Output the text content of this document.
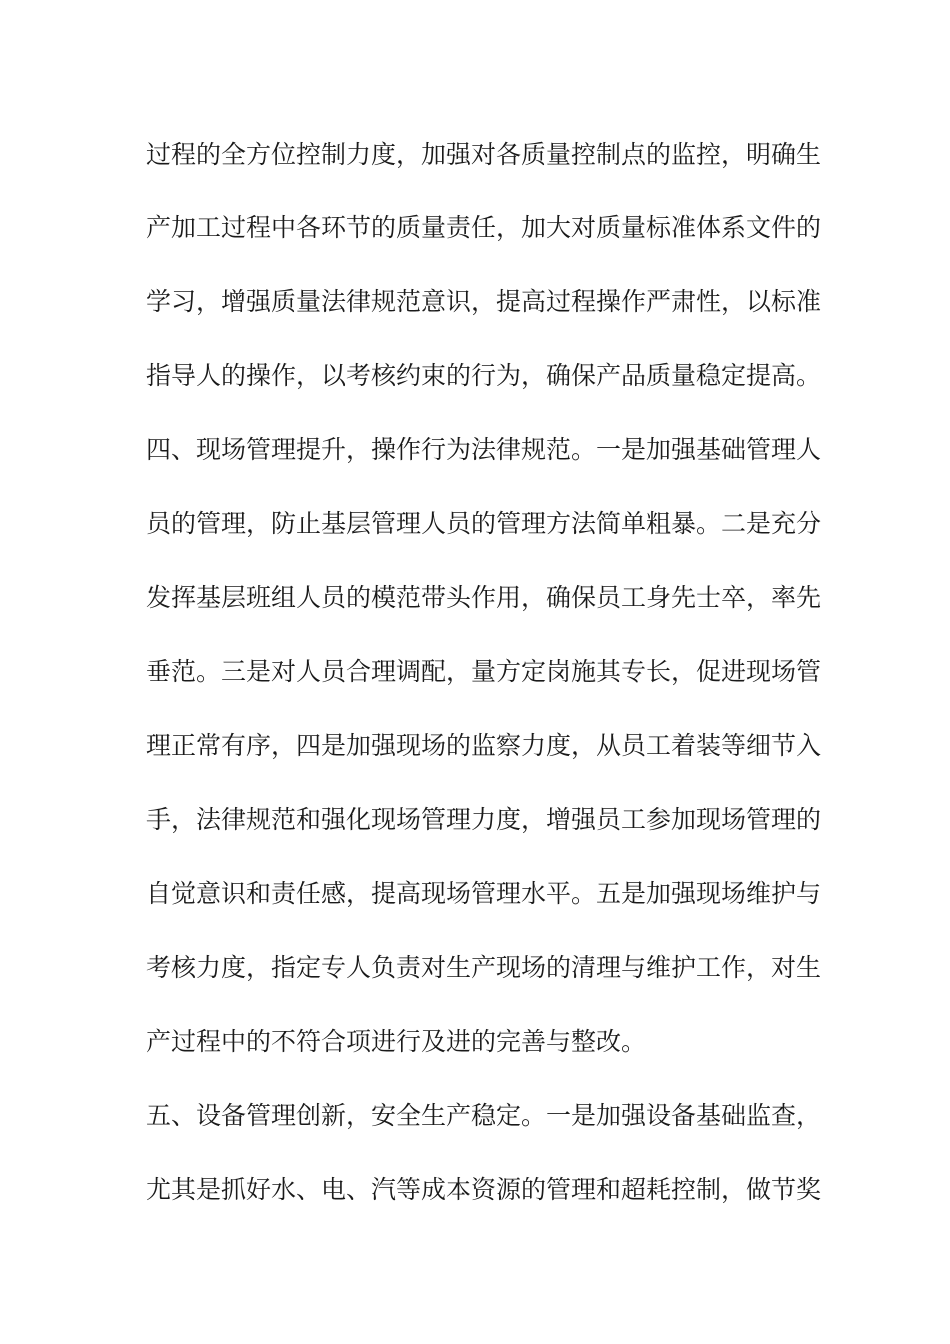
过程的全方位控制力度，加强对各质量控制点的监控，明确生
产加工过程中各环节的质量责任，加大对质量标准体系文件的
学习，增强质量法律规范意识，提高过程操作严肃性，以标准
指导人的操作，以考核约束的行为，确保产品质量稳定提高。
四、现场管理提升，操作行为法律规范。一是加强基础管理人
员的管理，防止基层管理人员的管理方法简单粗暴。二是充分
发挥基层班组人员的模范带头作用，确保员工身先士卒，率先
垂范。三是对人员合理调配，量方定岗施其专长，促进现场管
理正常有序，四是加强现场的监察力度，从员工着装等细节入
手，法律规范和强化现场管理力度，增强员工参加现场管理的
自觉意识和责任感，提高现场管理水平。五是加强现场维护与
考核力度，指定专人负责对生产现场的清理与维护工作，对生
产过程中的不符合项进行及进的完善与整改。
五、设备管理创新，安全生产稳定。一是加强设备基础监查，
尤其是抓好水、电、汽等成本资源的管理和超耗控制，做节奖
